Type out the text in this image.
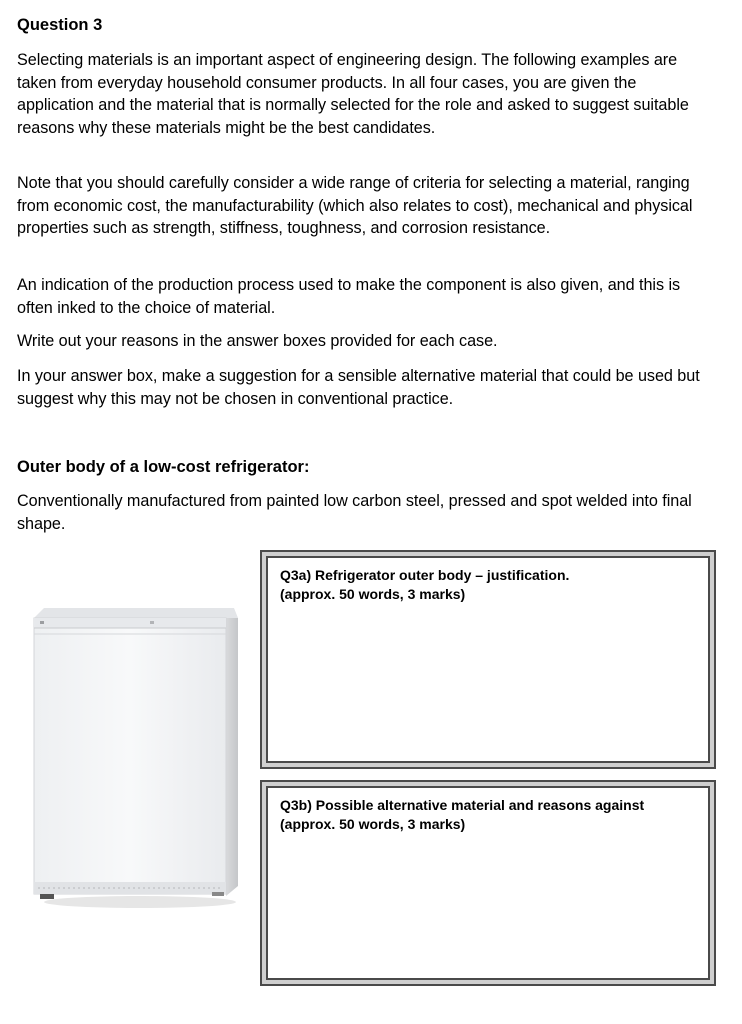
Question 3

Selecting materials is an important aspect of engineering design. The following examples are taken from everyday household consumer products. In all four cases, you are given the application and the material that is normally selected for the role and asked to suggest suitable reasons why these materials might be the best candidates.

Note that you should carefully consider a wide range of criteria for selecting a material, ranging from economic cost, the manufacturability (which also relates to cost), mechanical and physical properties such as strength, stiffness, toughness, and corrosion resistance.

An indication of the production process used to make the component is also given, and this is often inked to the choice of material.

Write out your reasons in the answer boxes provided for each case.

In your answer box, make a suggestion for a sensible alternative material that could be used but suggest why this may not be chosen in conventional practice.

Outer body of a low-cost refrigerator:

Conventionally manufactured from painted low carbon steel, pressed and spot welded into final shape.

Q3a) Refrigerator outer body – justification.

(approx. 50 words, 3 marks)

Q3b) Possible alternative material and reasons against

(approx. 50 words, 3 marks)
